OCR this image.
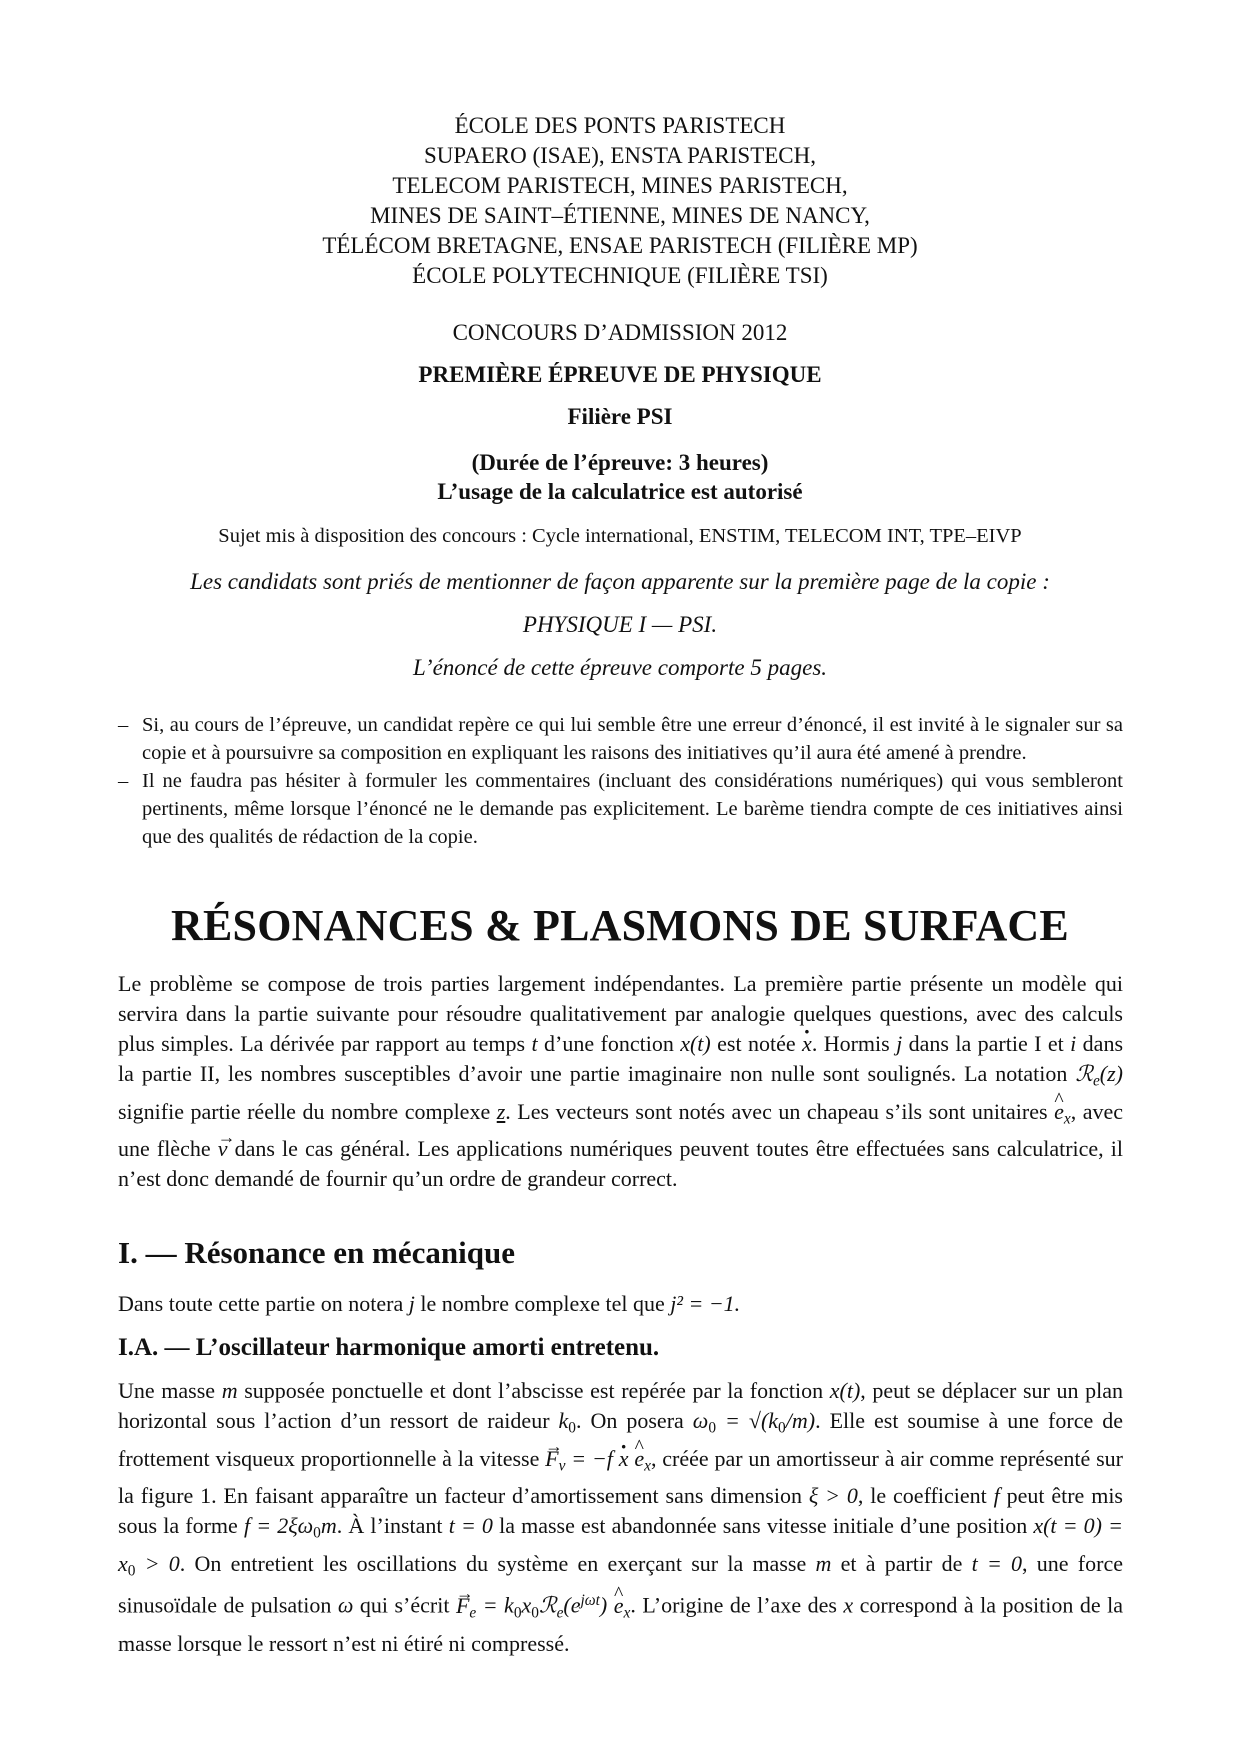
ÉCOLE DES PONTS PARISTECH
SUPAERO (ISAE), ENSTA PARISTECH,
TELECOM PARISTECH, MINES PARISTECH,
MINES DE SAINT–ÉTIENNE, MINES DE NANCY,
TÉLÉCOM BRETAGNE, ENSAE PARISTECH (FILIÈRE MP)
ÉCOLE POLYTECHNIQUE (FILIÈRE TSI)
CONCOURS D’ADMISSION 2012
PREMIÈRE ÉPREUVE DE PHYSIQUE
Filière PSI
(Durée de l’épreuve: 3 heures)
L’usage de la calculatrice est autorisé
Sujet mis à disposition des concours : Cycle international, ENSTIM, TELECOM INT, TPE–EIVP
Les candidats sont priés de mentionner de façon apparente sur la première page de la copie :
PHYSIQUE I — PSI.
L’énoncé de cette épreuve comporte 5 pages.
– Si, au cours de l’épreuve, un candidat repère ce qui lui semble être une erreur d’énoncé, il est invité à le signaler sur sa copie et à poursuivre sa composition en expliquant les raisons des initiatives qu’il aura été amené à prendre.
– Il ne faudra pas hésiter à formuler les commentaires (incluant des considérations numériques) qui vous sembleront pertinents, même lorsque l’énoncé ne le demande pas explicitement. Le barème tiendra compte de ces initiatives ainsi que des qualités de rédaction de la copie.
RÉSONANCES & PLASMONS DE SURFACE
Le problème se compose de trois parties largement indépendantes. La première partie présente un modèle qui servira dans la partie suivante pour résoudre qualitativement par analogie quelques questions, avec des calculs plus simples. La dérivée par rapport au temps t d’une fonction x(t) est notée · x. Hormis j dans la partie I et i dans la partie II, les nombres susceptibles d’avoir une partie imaginaire non nulle sont soulignés. La notation ℛ$_e$(z) signifie partie réelle du nombre complexe z. Les vecteurs sont notés avec un chapeau s’ils sont unitaires ^ $e_x$, avec une flèche → v dans le cas général. Les applications numériques peuvent toutes être effectuées sans calculatrice, il n’est donc demandé de fournir qu’un ordre de grandeur correct.
I. — Résonance en mécanique
Dans toute cette partie on notera j le nombre complexe tel que j² = −1.
I.A. — L’oscillateur harmonique amorti entretenu.
Une masse m supposée ponctuelle et dont l’abscisse est repérée par la fonction x(t), peut se déplacer sur un plan horizontal sous l’action d’un ressort de raideur $k_0$. On posera $\omega_0 = √(k_0/m)$. Elle est soumise à une force de frottement visqueux proportionnelle à la vitesse → $F_v = -f \cdot x$ ^ $e_x$, créée par un amortisseur à air comme représenté sur la figure 1. En faisant apparaître un facteur d’amortissement sans dimension ξ > 0, le coefficient f peut être mis sous la forme $f = 2\xi\omega_0m$. À l’instant t = 0 la masse est abandonnée sans vitesse initiale d’une position $x(t = 0) = x_0 > 0$. On entretient les oscillations du système en exerçant sur la masse m et à partir de t = 0, une force sinusoïdale de pulsation ω qui s’écrit → $F_e$ = $k_0x_0ℛ_e(e^{j\omega t})$ ^ $e_x$. L’origine de l’axe des x correspond à la position de la masse lorsque le ressort n’est ni étiré ni compressé.
